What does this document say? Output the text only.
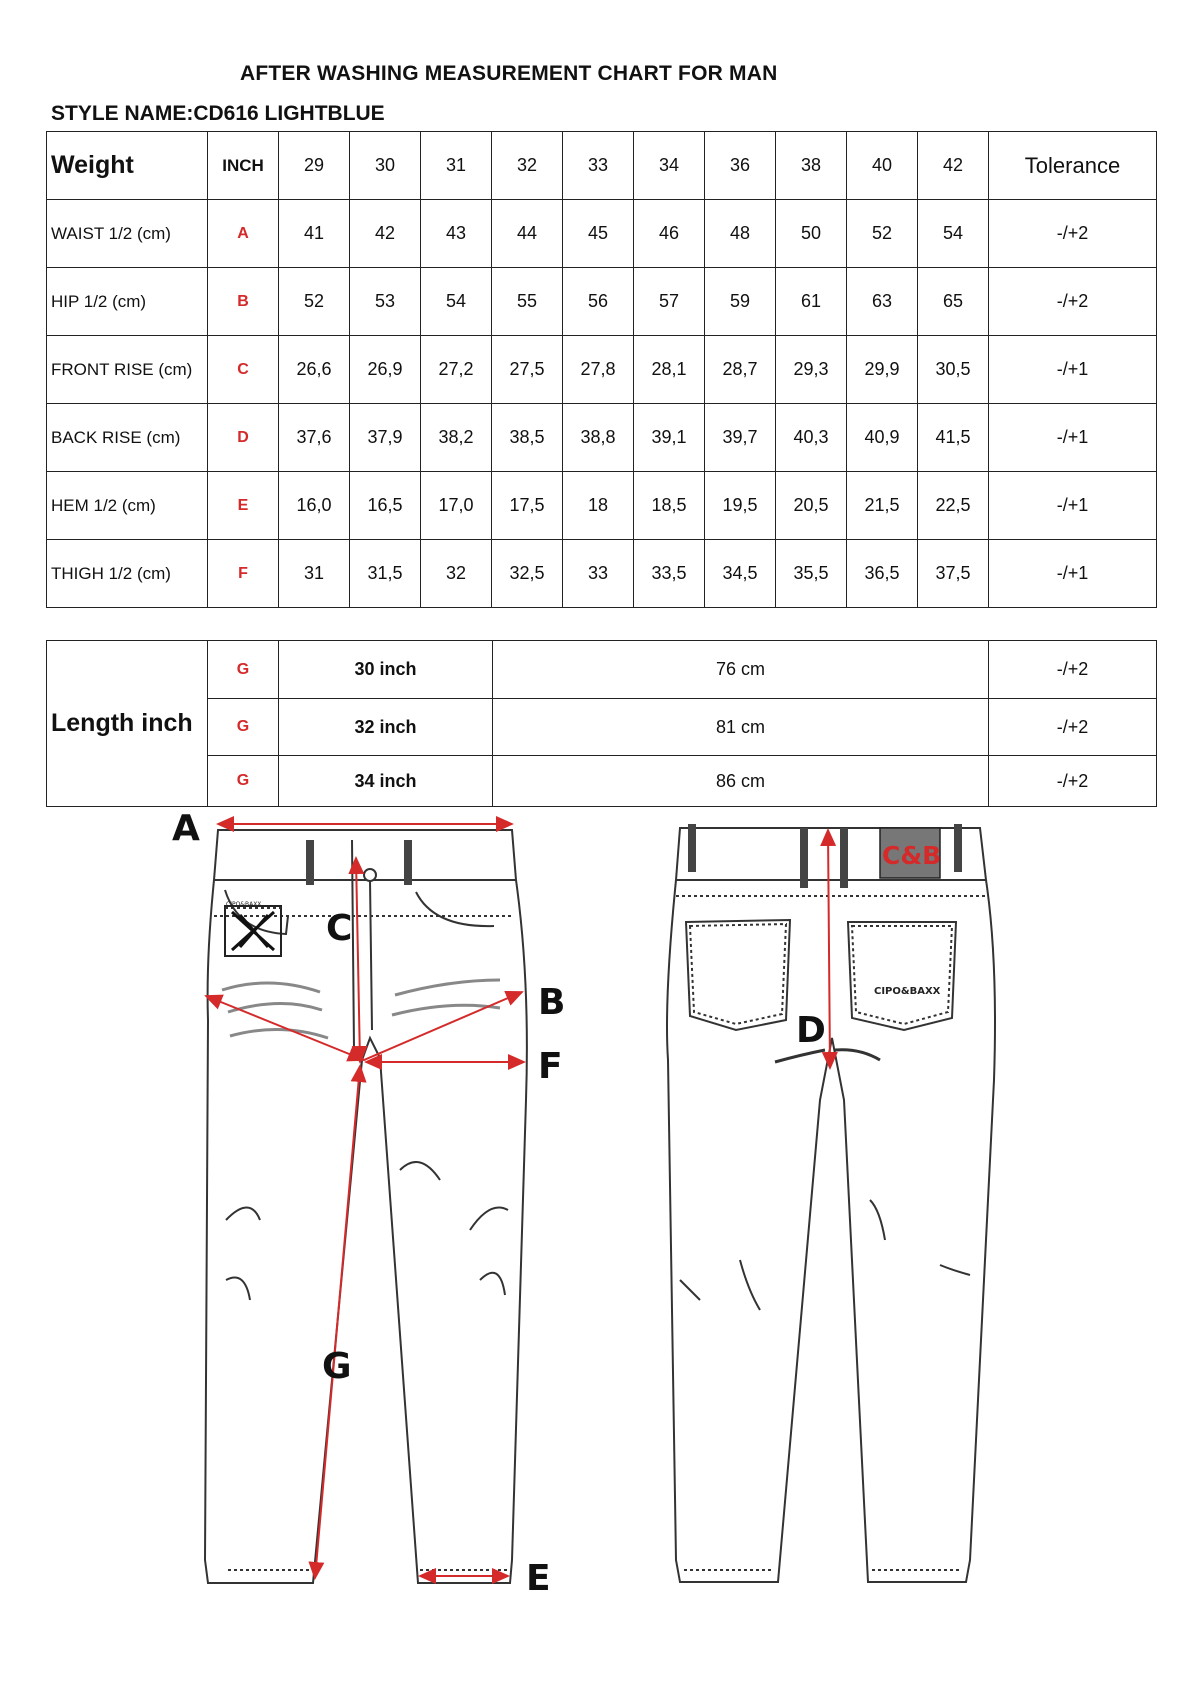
AFTER WASHING MEASUREMENT CHART FOR MAN
STYLE NAME:CD616 LIGHTBLUE
Weight	INCH	29	30	31	32	33	34	36	38	40	42	Tolerance
WAIST 1/2 (cm)	A	41	42	43	44	45	46	48	50	52	54	-/+2
HIP 1/2 (cm)	B	52	53	54	55	56	57	59	61	63	65	-/+2
FRONT RISE (cm)	C	26,6	26,9	27,2	27,5	27,8	28,1	28,7	29,3	29,9	30,5	-/+1
BACK RISE (cm)	D	37,6	37,9	38,2	38,5	38,8	39,1	39,7	40,3	40,9	41,5	-/+1
HEM 1/2 (cm)	E	16,0	16,5	17,0	17,5	18	18,5	19,5	20,5	21,5	22,5	-/+1
THIGH 1/2 (cm)	F	31	31,5	32	32,5	33	33,5	34,5	35,5	36,5	37,5	-/+1
Length inch	G	30 inch	76 cm	-/+2
	G	32 inch	81 cm	-/+2
	G	34 inch	86 cm	-/+2
A
B
C
D
E
F
G
CIPO&BAXX
C&B
CIPO&BAXX
